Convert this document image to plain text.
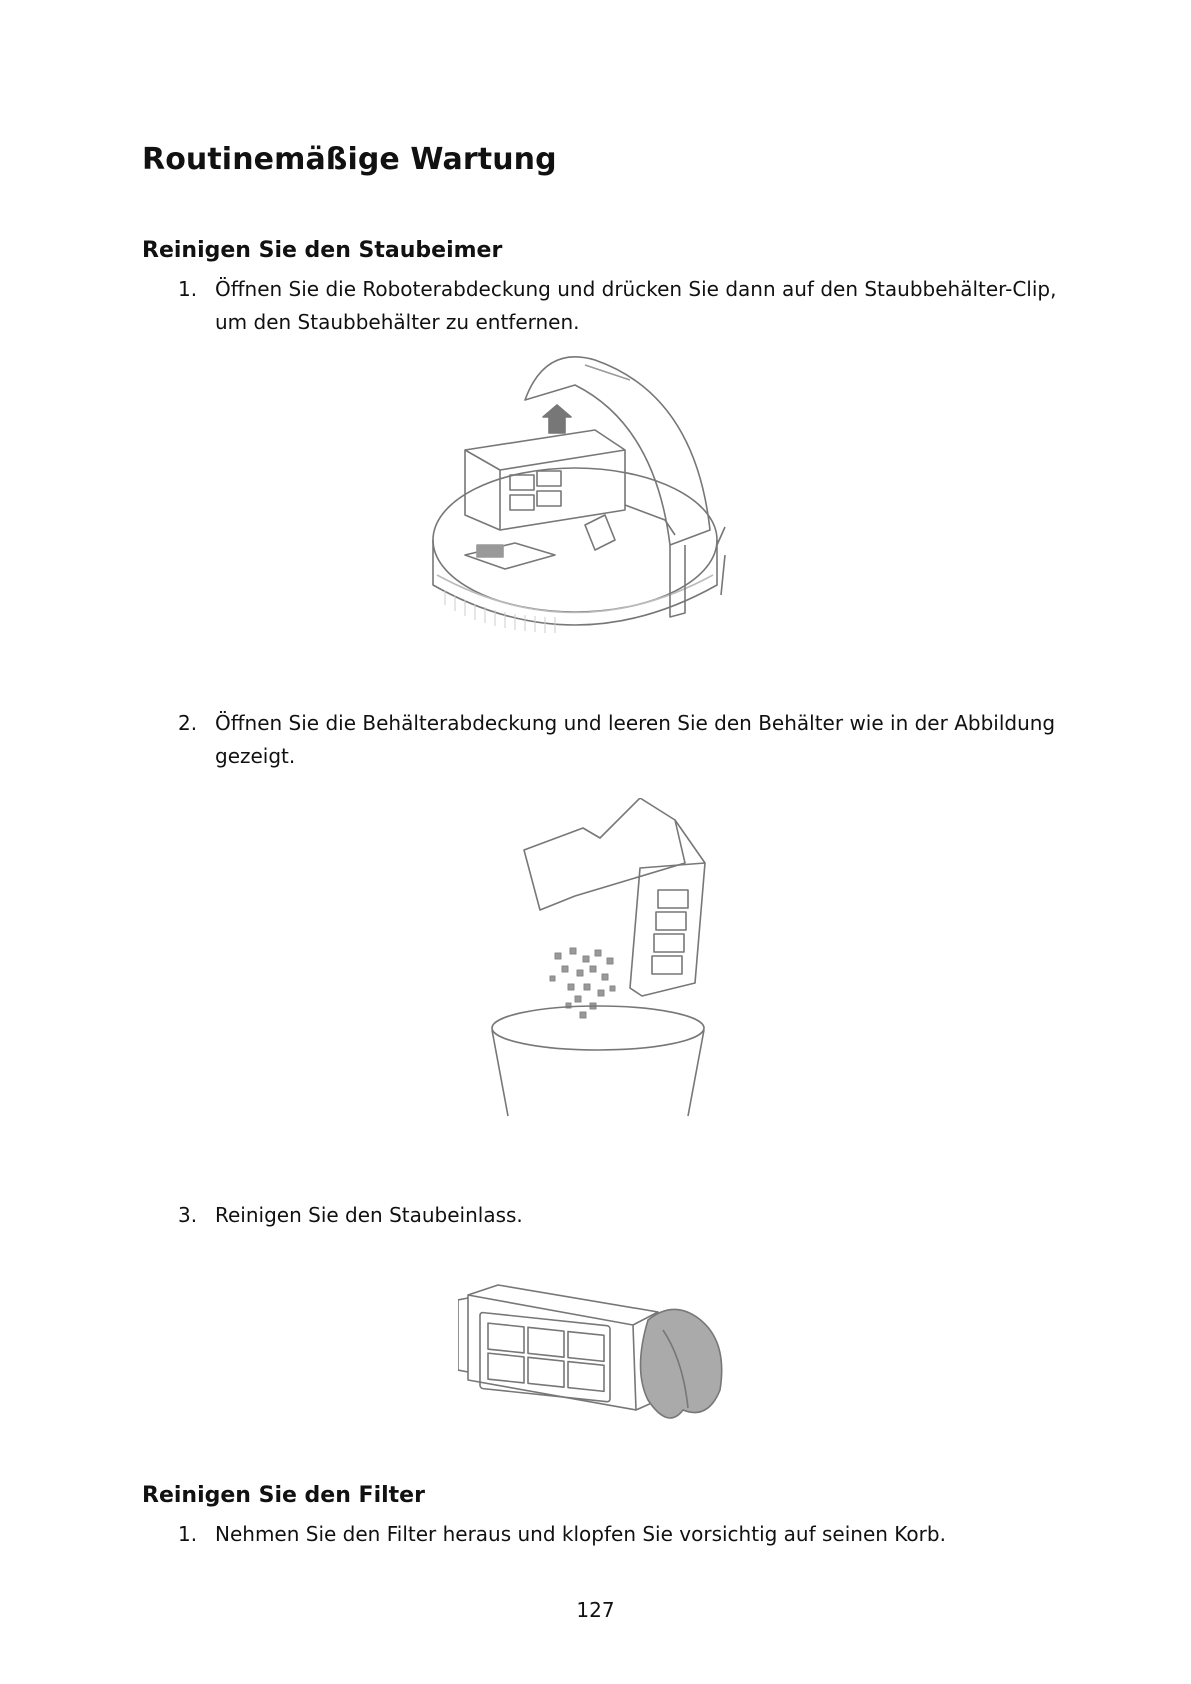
Routinemäßige Wartung
Reinigen Sie den Staubeimer
1. Öffnen Sie die Roboterabdeckung und drücken Sie dann auf den Staubbehälter-Clip, um den Staubbehälter zu entfernen.
2. Öffnen Sie die Behälterabdeckung und leeren Sie den Behälter wie in der Abbildung gezeigt.
3. Reinigen Sie den Staubeinlass.
Reinigen Sie den Filter
1. Nehmen Sie den Filter heraus und klopfen Sie vorsichtig auf seinen Korb.
127
